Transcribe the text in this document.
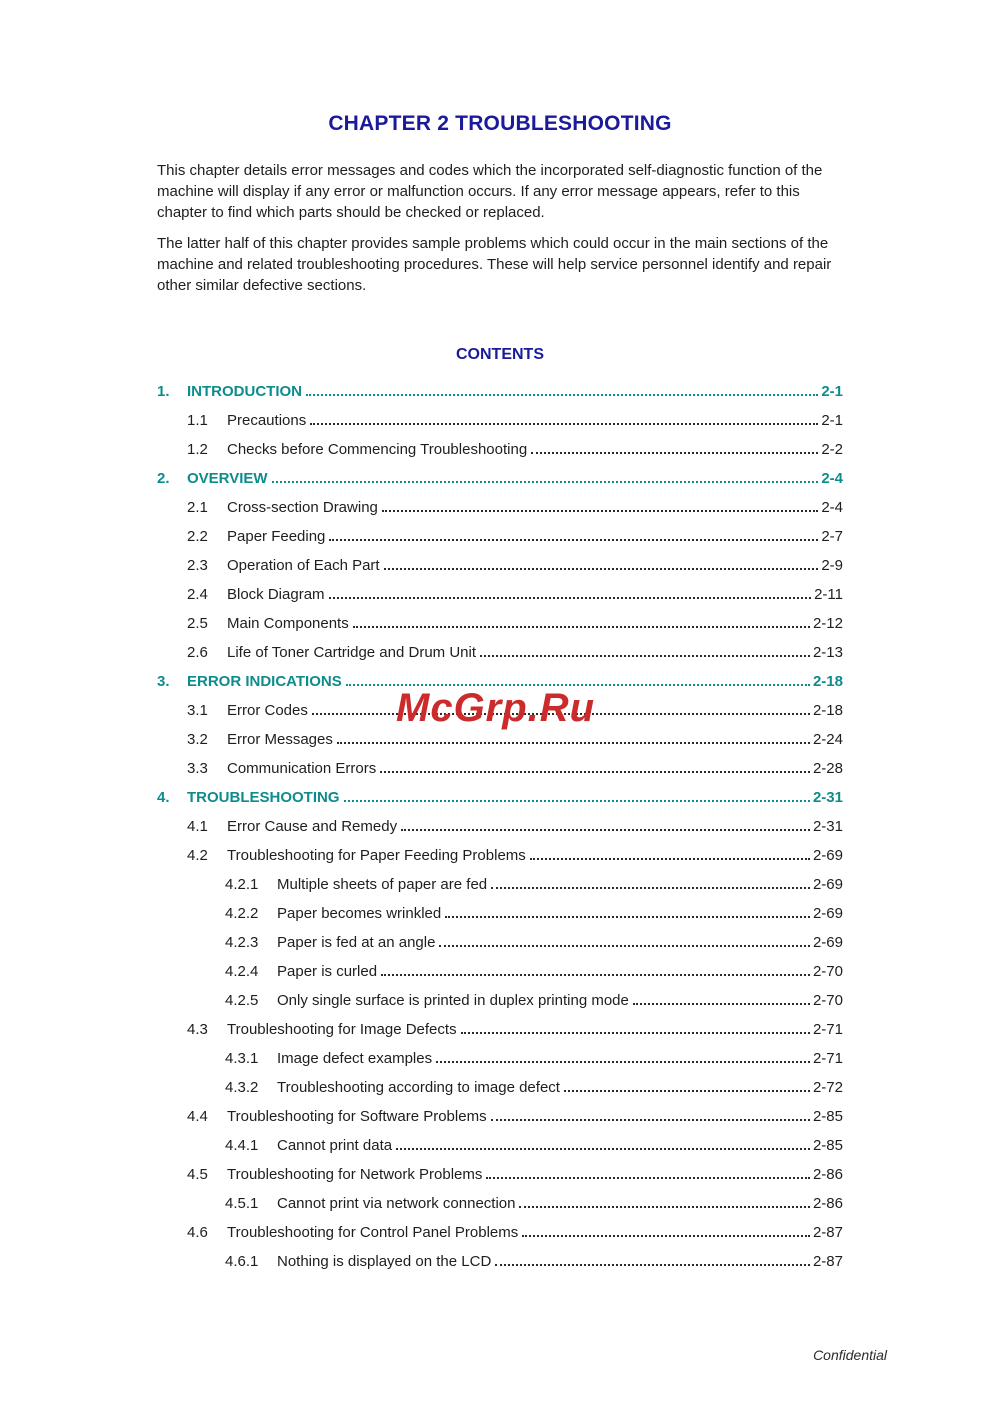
CHAPTER 2 TROUBLESHOOTING

This chapter details error messages and codes which the incorporated self-diagnostic function of the machine will display if any error or malfunction occurs. If any error message appears, refer to this chapter to find which parts should be checked or replaced.

The latter half of this chapter provides sample problems which could occur in the main sections of the machine and related troubleshooting procedures. These will help service personnel identify and repair other similar defective sections.

CONTENTS
1.	INTRODUCTION	2-1
1.1	Precautions	2-1
1.2	Checks before Commencing Troubleshooting	2-2
2.	OVERVIEW	2-4
2.1	Cross-section Drawing	2-4
2.2	Paper Feeding	2-7
2.3	Operation of Each Part	2-9
2.4	Block Diagram	2-11
2.5	Main Components	2-12
2.6	Life of Toner Cartridge and Drum Unit	2-13
3.	ERROR INDICATIONS	2-18
3.1	Error Codes	2-18
3.2	Error Messages	2-24
3.3	Communication Errors	2-28
4.	TROUBLESHOOTING	2-31
4.1	Error Cause and Remedy	2-31
4.2	Troubleshooting for Paper Feeding Problems	2-69
4.2.1	Multiple sheets of paper are fed	2-69
4.2.2	Paper becomes wrinkled	2-69
4.2.3	Paper is fed at an angle	2-69
4.2.4	Paper is curled	2-70
4.2.5	Only single surface is printed in duplex printing mode	2-70
4.3	Troubleshooting for Image Defects	2-71
4.3.1	Image defect examples	2-71
4.3.2	Troubleshooting according to image defect	2-72
4.4	Troubleshooting for Software Problems	2-85
4.4.1	Cannot print data	2-85
4.5	Troubleshooting for Network Problems	2-86
4.5.1	Cannot print via network connection	2-86
4.6	Troubleshooting for Control Panel Problems	2-87
4.6.1	Nothing is displayed on the LCD	2-87
McGrp.Ru
Confidential
